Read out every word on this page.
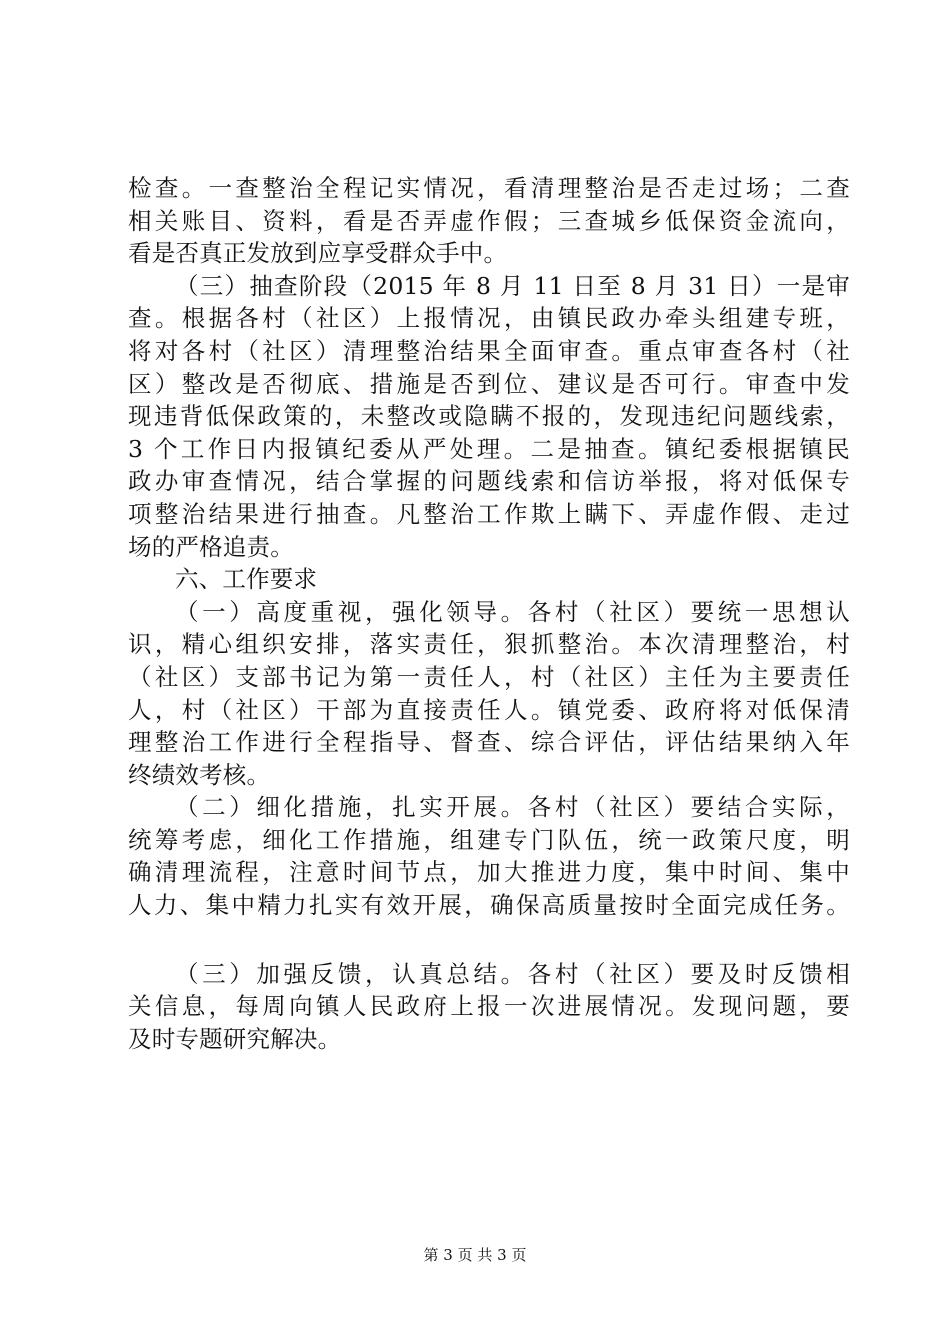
检查。一查整治全程记实情况，看清理整治是否走过场；二查
相关账目、资料，看是否弄虚作假；三查城乡低保资金流向，
看是否真正发放到应享受群众手中。
（三）抽查阶段（2015 年 8 月 11 日至 8 月 31 日）一是审
查。根据各村（社区）上报情况，由镇民政办牵头组建专班，
将对各村（社区）清理整治结果全面审查。重点审查各村（社
区）整改是否彻底、措施是否到位、建议是否可行。审查中发
现违背低保政策的，未整改或隐瞒不报的，发现违纪问题线索，
3 个工作日内报镇纪委从严处理。二是抽查。镇纪委根据镇民
政办审查情况，结合掌握的问题线索和信访举报，将对低保专
项整治结果进行抽查。凡整治工作欺上瞒下、弄虚作假、走过
场的严格追责。
六、工作要求
（一）高度重视，强化领导。各村（社区）要统一思想认
识，精心组织安排，落实责任，狠抓整治。本次清理整治，村
（社区）支部书记为第一责任人，村（社区）主任为主要责任
人，村（社区）干部为直接责任人。镇党委、政府将对低保清
理整治工作进行全程指导、督查、综合评估，评估结果纳入年
终绩效考核。
（二）细化措施，扎实开展。各村（社区）要结合实际，
统筹考虑，细化工作措施，组建专门队伍，统一政策尺度，明
确清理流程，注意时间节点，加大推进力度，集中时间、集中
人力、集中精力扎实有效开展，确保高质量按时全面完成任务。
（三）加强反馈，认真总结。各村（社区）要及时反馈相
关信息，每周向镇人民政府上报一次进展情况。发现问题，要
及时专题研究解决。
第 3 页 共 3 页
